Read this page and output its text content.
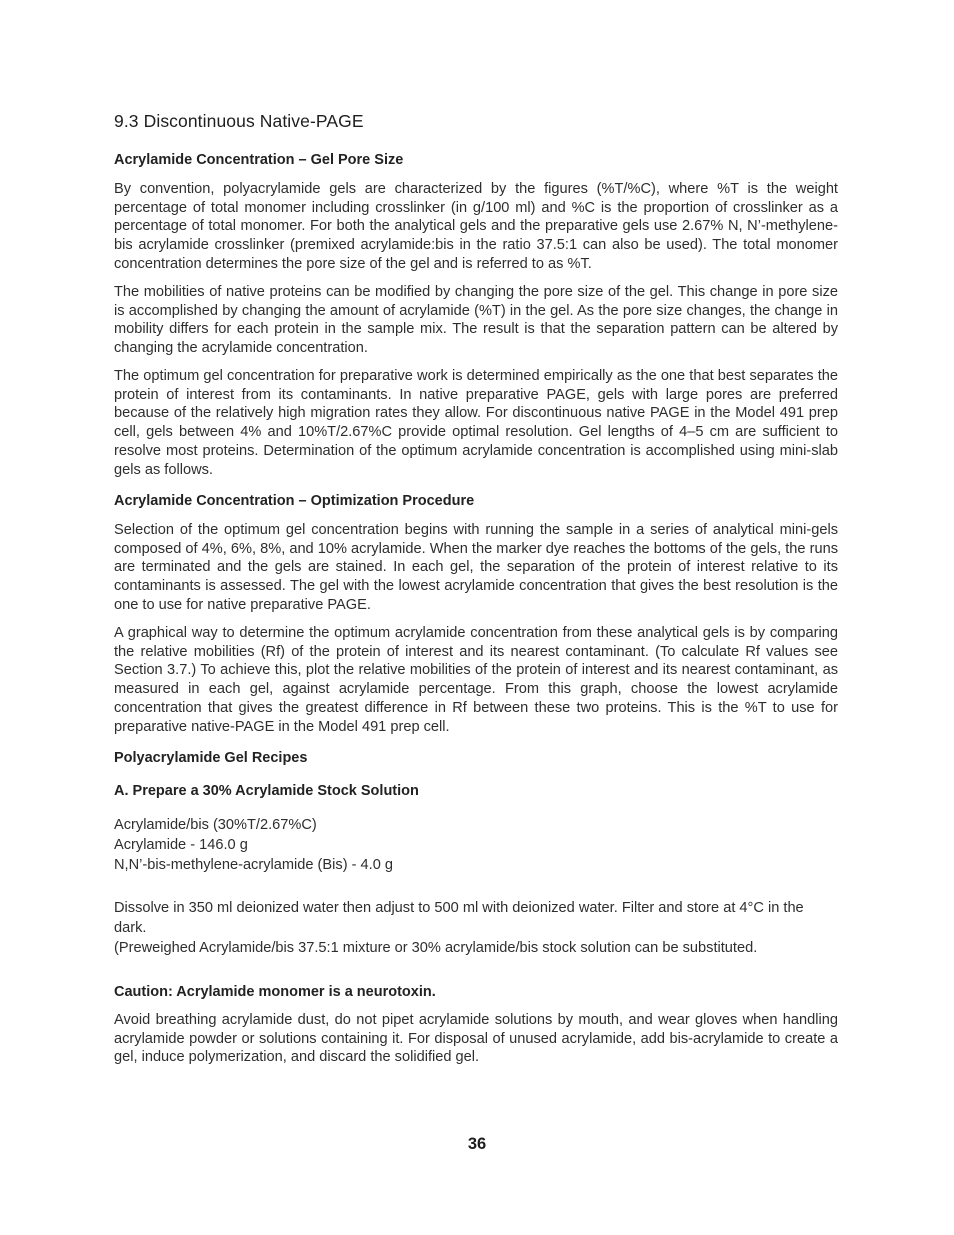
9.3 Discontinuous Native-PAGE
Acrylamide Concentration – Gel Pore Size

By convention, polyacrylamide gels are characterized by the figures (%T/%C), where %T is the weight percentage of total monomer including crosslinker (in g/100 ml) and %C is the proportion of crosslinker as a percentage of total monomer. For both the analytical gels and the preparative gels use 2.67% N, N’-methylene-bis acrylamide crosslinker (premixed acrylamide:bis in the ratio 37.5:1 can also be used). The total monomer concentration determines the pore size of the gel and is referred to as %T.

The mobilities of native proteins can be modified by changing the pore size of the gel. This change in pore size is accomplished by changing the amount of acrylamide (%T) in the gel. As the pore size changes, the change in mobility differs for each protein in the sample mix. The result is that the separation pattern can be altered by changing the acrylamide concentration.

The optimum gel concentration for preparative work is determined empirically as the one that best separates the protein of interest from its contaminants. In native preparative PAGE, gels with large pores are preferred because of the relatively high migration rates they allow. For discontinuous native PAGE in the Model 491 prep cell, gels between 4% and 10%T/2.67%C provide optimal resolution. Gel lengths of 4–5 cm are sufficient to resolve most proteins. Determination of the optimum acrylamide concentration is accomplished using mini-slab gels as follows.

Acrylamide Concentration – Optimization Procedure

Selection of the optimum gel concentration begins with running the sample in a series of analytical mini-gels composed of 4%, 6%, 8%, and 10% acrylamide. When the marker dye reaches the bottoms of the gels, the runs are terminated and the gels are stained. In each gel, the separation of the protein of interest relative to its contaminants is assessed. The gel with the lowest acrylamide concentration that gives the best resolution is the one to use for native preparative PAGE.

A graphical way to determine the optimum acrylamide concentration from these analytical gels is by comparing the relative mobilities (Rf) of the protein of interest and its nearest contaminant. (To calculate Rf values see Section 3.7.) To achieve this, plot the relative mobilities of the protein of interest and its nearest contaminant, as measured in each gel, against acrylamide percentage. From this graph, choose the lowest acrylamide concentration that gives the greatest difference in Rf between these two proteins. This is the %T to use for preparative native-PAGE in the Model 491 prep cell.

Polyacrylamide Gel Recipes
A. Prepare a 30% Acrylamide Stock Solution

Acrylamide/bis (30%T/2.67%C)

Acrylamide - 146.0 g

N,N’-bis-methylene-acrylamide (Bis) - 4.0 g

Dissolve in 350 ml deionized water then adjust to 500 ml with deionized water. Filter and store at 4°C in the

dark.

(Preweighed Acrylamide/bis 37.5:1 mixture or 30% acrylamide/bis stock solution can be substituted.

Caution: Acrylamide monomer is a neurotoxin.

Avoid breathing acrylamide dust, do not pipet acrylamide solutions by mouth, and wear gloves when handling acrylamide powder or solutions containing it. For disposal of unused acrylamide, add bis-acrylamide to create a gel, induce polymerization, and discard the solidified gel.

36
